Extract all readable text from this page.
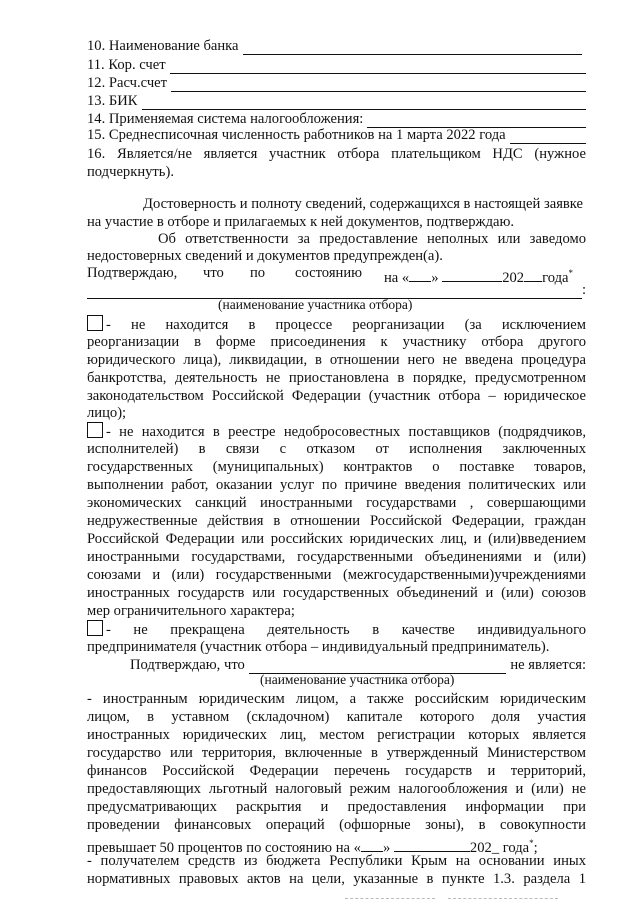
10. Наименование банка
11. Кор. счет
12. Расч.счет
13. БИК
14. Применяемая система налогообложения:
15. Среднесписочная численность работников на 1 марта 2022 года
16. Является/не является участник отбора плательщиком НДС (нужное
подчеркнуть).
Достоверность и полноту сведений, содержащихся в настоящей заявке
на участие в отборе и прилагаемых к ней документов, подтверждаю.
Об ответственности за предоставление неполных или заведомо
недостоверных сведений и документов предупрежден(а).
Подтверждаю, что по состоянию на « »	202 года*
:
(наименование участника отбора)
- не находится в процессе реорганизации (за исключением
реорганизации в форме присоединения к участнику отбора другого
юридического лица), ликвидации, в отношении него не введена процедура
банкротства, деятельность не приостановлена в порядке, предусмотренном
законодательством Российской Федерации (участник отбора – юридическое
лицо);
- не находится в реестре недобросовестных поставщиков (подрядчиков,
исполнителей) в связи с отказом от исполнения заключенных
государственных (муниципальных) контрактов о поставке товаров,
выполнении работ, оказании услуг по причине введения политических или
экономических санкций иностранными государствами , совершающими
недружественные действия в отношении Российской Федерации, граждан
Российской Федерации или российских юридических лиц, и (или)введением
иностранными государствами, государственными объединениями и (или)
союзами и (или) государственными (межгосударственными)учреждениями
иностранных государств или государственных объединений и (или) союзов
мер ограничительного характера;
- не прекращена деятельность в качестве индивидуального
предпринимателя (участник отбора – индивидуальный предприниматель).
Подтверждаю, что	не является:
(наименование участника отбора)
- иностранным юридическим лицом, а также российским юридическим
лицом, в уставном (складочном) капитале которого доля участия
иностранных юридических лиц, местом регистрации которых является
государство или территория, включенные в утвержденный Министерством
финансов Российской Федерации перечень государств и территорий,
предоставляющих льготный налоговый режим налогообложения и (или) не
предусматривающих раскрытия и предоставления информации при
проведении финансовых операций (офшорные зоны), в совокупности
превышает 50 процентов по состоянию на « »	202_ года*;
- получателем средств из бюджета Республики Крым на основании иных
нормативных правовых актов на цели, указанные в пункте 1.3. раздела 1
